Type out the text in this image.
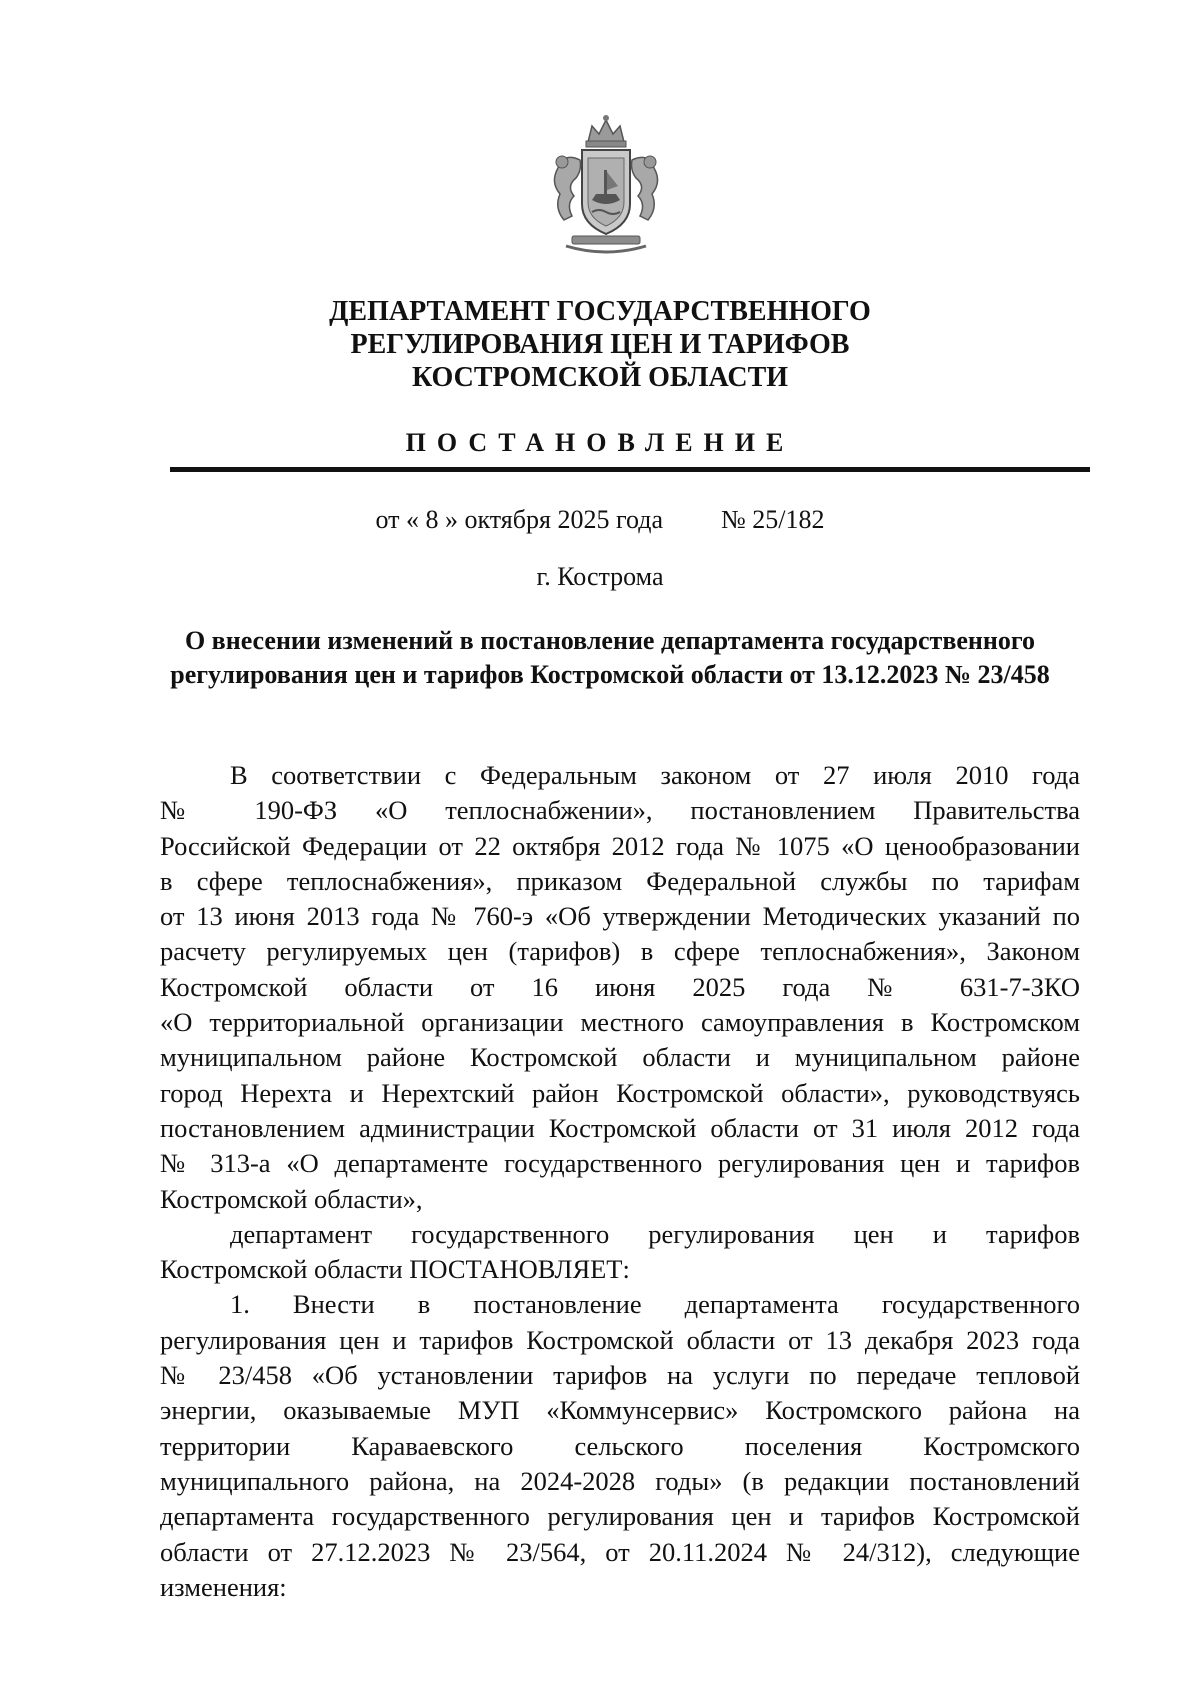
ДЕПАРТАМЕНТ ГОСУДАРСТВЕННОГО
РЕГУЛИРОВАНИЯ ЦЕН И ТАРИФОВ
КОСТРОМСКОЙ ОБЛАСТИ
ПОСТАНОВЛЕНИЕ
от « 8 » октября 2025 года № 25/182
г. Кострома
О внесении изменений в постановление департамента государственного
регулирования цен и тарифов Костромской области от 13.12.2023 № 23/458
В соответствии с Федеральным законом от 27 июля 2010 года
№ 190-ФЗ «О теплоснабжении», постановлением Правительства
Российской Федерации от 22 октября 2012 года № 1075 «О ценообразовании
в сфере теплоснабжения», приказом Федеральной службы по тарифам
от 13 июня 2013 года № 760-э «Об утверждении Методических указаний по
расчету регулируемых цен (тарифов) в сфере теплоснабжения», Законом
Костромской области от 16 июня 2025 года № 631-7-ЗКО
«О территориальной организации местного самоуправления в Костромском
муниципальном районе Костромской области и муниципальном районе
город Нерехта и Нерехтский район Костромской области», руководствуясь
постановлением администрации Костромской области от 31 июля 2012 года
№ 313-а «О департаменте государственного регулирования цен и тарифов
Костромской области»,
департамент государственного регулирования цен и тарифов
Костромской области ПОСТАНОВЛЯЕТ:
1. Внести в постановление департамента государственного
регулирования цен и тарифов Костромской области от 13 декабря 2023 года
№ 23/458 «Об установлении тарифов на услуги по передаче тепловой
энергии, оказываемые МУП «Коммунсервис» Костромского района на
территории Караваевского сельского поселения Костромского
муниципального района, на 2024-2028 годы» (в редакции постановлений
департамента государственного регулирования цен и тарифов Костромской
области от 27.12.2023 № 23/564, от 20.11.2024 № 24/312), следующие
изменения:
